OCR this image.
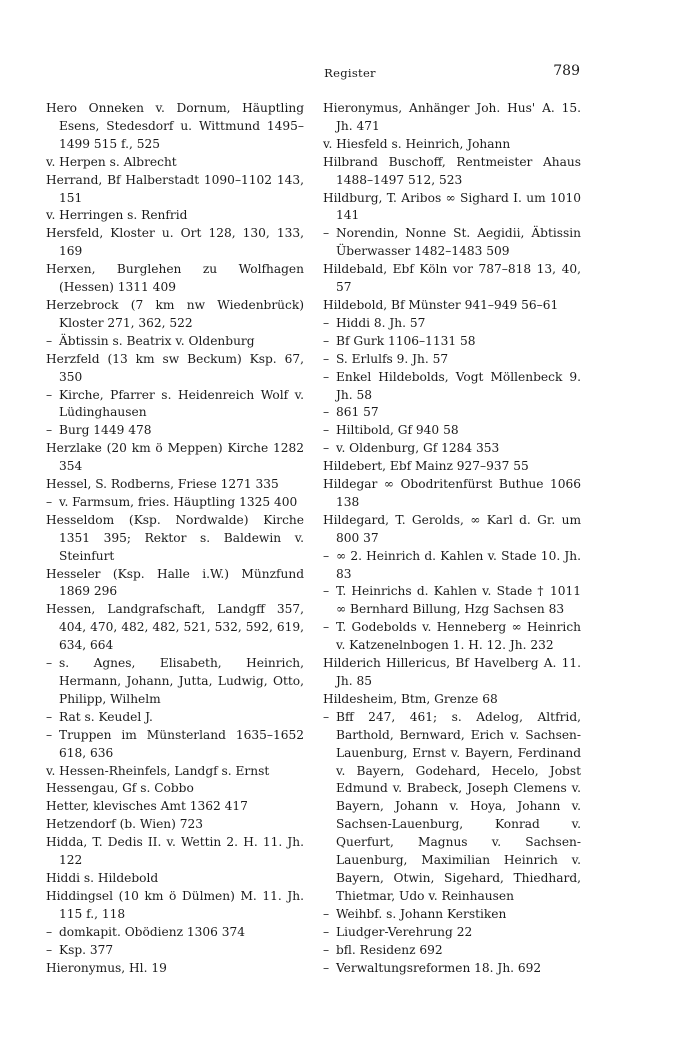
Register	789
Hero Onneken v. Dornum, Häuptling Esens, Stedesdorf u. Wittmund 1495–1499 515 f., 525
v. Herpen s. Albrecht
Herrand, Bf Halberstadt 1090–1102 143, 151
v. Herringen s. Renfrid
Hersfeld, Kloster u. Ort 128, 130, 133, 169
Herxen, Burglehen zu Wolfhagen (Hessen) 1311 409
Herzebrock (7 km nw Wiedenbrück) Kloster 271, 362, 522
– Äbtissin s. Beatrix v. Oldenburg
Herzfeld (13 km sw Beckum) Ksp. 67, 350
– Kirche, Pfarrer s. Heidenreich Wolf v. Lüdinghausen
– Burg 1449 478
Herzlake (20 km ö Meppen) Kirche 1282 354
Hessel, S. Rodberns, Friese 1271 335
– v. Farmsum, fries. Häuptling 1325 400
Hesseldom (Ksp. Nordwalde) Kirche 1351 395; Rektor s. Baldewin v. Steinfurt
Hesseler (Ksp. Halle i.W.) Münzfund 1869 296
Hessen, Landgrafschaft, Landgff 357, 404, 470, 482, 482, 521, 532, 592, 619, 634, 664
– s. Agnes, Elisabeth, Heinrich, Hermann, Johann, Jutta, Ludwig, Otto, Philipp, Wilhelm
– Rat s. Keudel J.
– Truppen im Münsterland 1635–1652 618, 636
v. Hessen-Rheinfels, Landgf s. Ernst
Hessengau, Gf s. Cobbo
Hetter, klevisches Amt 1362 417
Hetzendorf (b. Wien) 723
Hidda, T. Dedis II. v. Wettin 2. H. 11. Jh. 122
Hiddi s. Hildebold
Hiddingsel (10 km ö Dülmen) M. 11. Jh. 115 f., 118
– domkapit. Obödienz 1306 374
– Ksp. 377
Hieronymus, Hl. 19
Hieronymus, Anhänger Joh. Hus' A. 15. Jh. 471
v. Hiesfeld s. Heinrich, Johann
Hilbrand Buschoff, Rentmeister Ahaus 1488–1497 512, 523
Hildburg, T. Aribos ∞ Sighard I. um 1010 141
– Norendin, Nonne St. Aegidii, Äbtissin Überwasser 1482–1483 509
Hildebald, Ebf Köln vor 787–818 13, 40, 57
Hildebold, Bf Münster 941–949 56–61
– Hiddi 8. Jh. 57
– Bf Gurk 1106–1131 58
– S. Erlulfs 9. Jh. 57
– Enkel Hildebolds, Vogt Möllenbeck 9. Jh. 58
– 861 57
– Hiltibold, Gf 940 58
– v. Oldenburg, Gf 1284 353
Hildebert, Ebf Mainz 927–937 55
Hildegar ∞ Obodritenfürst Buthue 1066 138
Hildegard, T. Gerolds, ∞ Karl d. Gr. um 800 37
– ∞ 2. Heinrich d. Kahlen v. Stade 10. Jh. 83
– T. Heinrichs d. Kahlen v. Stade † 1011 ∞ Bernhard Billung, Hzg Sachsen 83
– T. Godebolds v. Henneberg ∞ Heinrich v. Katzenelnbogen 1. H. 12. Jh. 232
Hilderich Hillericus, Bf Havelberg A. 11. Jh. 85
Hildesheim, Btm, Grenze 68
– Bff 247, 461; s. Adelog, Altfrid, Barthold, Bernward, Erich v. Sachsen-Lauenburg, Ernst v. Bayern, Ferdinand v. Bayern, Godehard, Hecelo, Jobst Edmund v. Brabeck, Joseph Clemens v. Bayern, Johann v. Hoya, Johann v. Sachsen-Lauenburg, Konrad v. Querfurt, Magnus v. Sachsen-Lauenburg, Maximilian Heinrich v. Bayern, Otwin, Sigehard, Thiedhard, Thietmar, Udo v. Reinhausen
– Weihbf. s. Johann Kerstiken
– Liudger-Verehrung 22
– bfl. Residenz 692
– Verwaltungsreformen 18. Jh. 692
